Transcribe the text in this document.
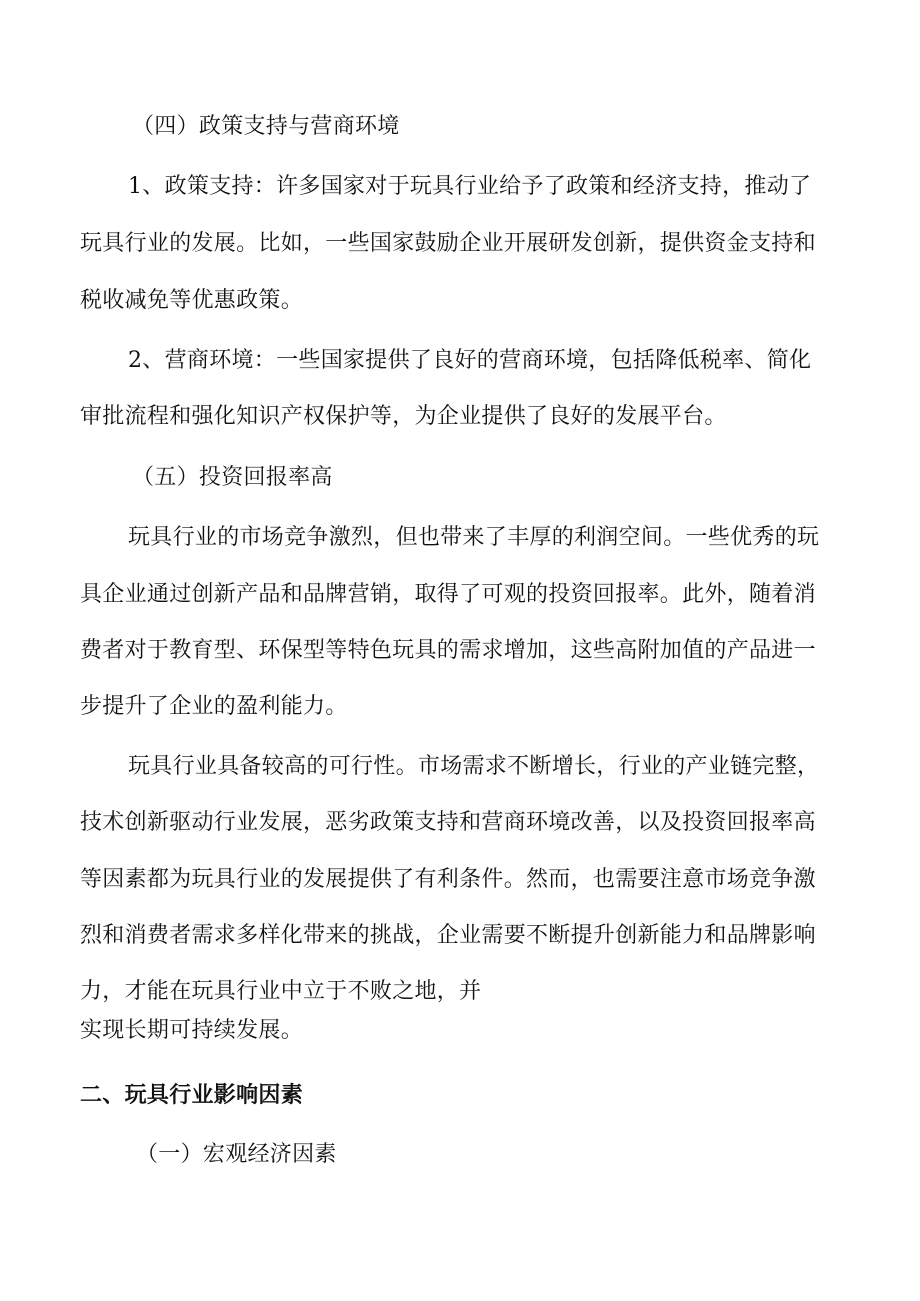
（四）政策支持与营商环境
1、政策支持：许多国家对于玩具行业给予了政策和经济支持，推动了
玩具行业的发展。比如，一些国家鼓励企业开展研发创新，提供资金支持和
税收减免等优惠政策。
2、营商环境：一些国家提供了良好的营商环境，包括降低税率、简化
审批流程和强化知识产权保护等，为企业提供了良好的发展平台。
（五）投资回报率高
玩具行业的市场竞争激烈，但也带来了丰厚的利润空间。一些优秀的玩
具企业通过创新产品和品牌营销，取得了可观的投资回报率。此外，随着消
费者对于教育型、环保型等特色玩具的需求增加，这些高附加值的产品进一
步提升了企业的盈利能力。
玩具行业具备较高的可行性。市场需求不断增长，行业的产业链完整，
技术创新驱动行业发展，恶劣政策支持和营商环境改善，以及投资回报率高
等因素都为玩具行业的发展提供了有利条件。然而，也需要注意市场竞争激
烈和消费者需求多样化带来的挑战，企业需要不断提升创新能力和品牌影响
力，才能在玩具行业中立于不败之地，并
实现长期可持续发展。
二、玩具行业影响因素
（一）宏观经济因素
